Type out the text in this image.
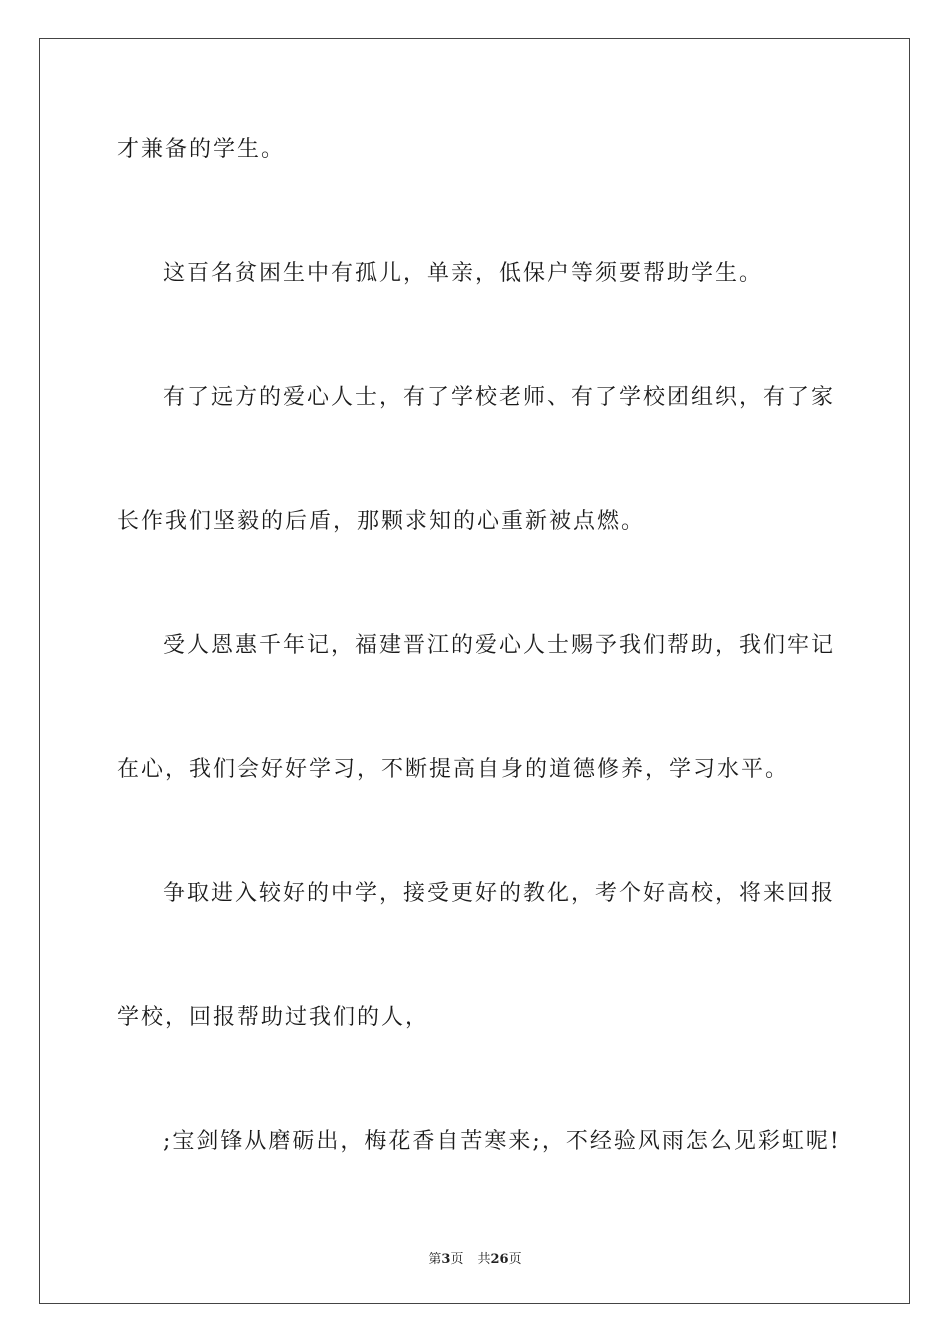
才兼备的学生。
这百名贫困生中有孤儿，单亲，低保户等须要帮助学生。
有了远方的爱心人士，有了学校老师、有了学校团组织，有了家
长作我们坚毅的后盾，那颗求知的心重新被点燃。
受人恩惠千年记，福建晋江的爱心人士赐予我们帮助，我们牢记
在心，我们会好好学习，不断提高自身的道德修养，学习水平。
争取进入较好的中学，接受更好的教化，考个好高校，将来回报
学校，回报帮助过我们的人，
;宝剑锋从磨砺出，梅花香自苦寒来;，不经验风雨怎么见彩虹呢!
第3页 共26页
